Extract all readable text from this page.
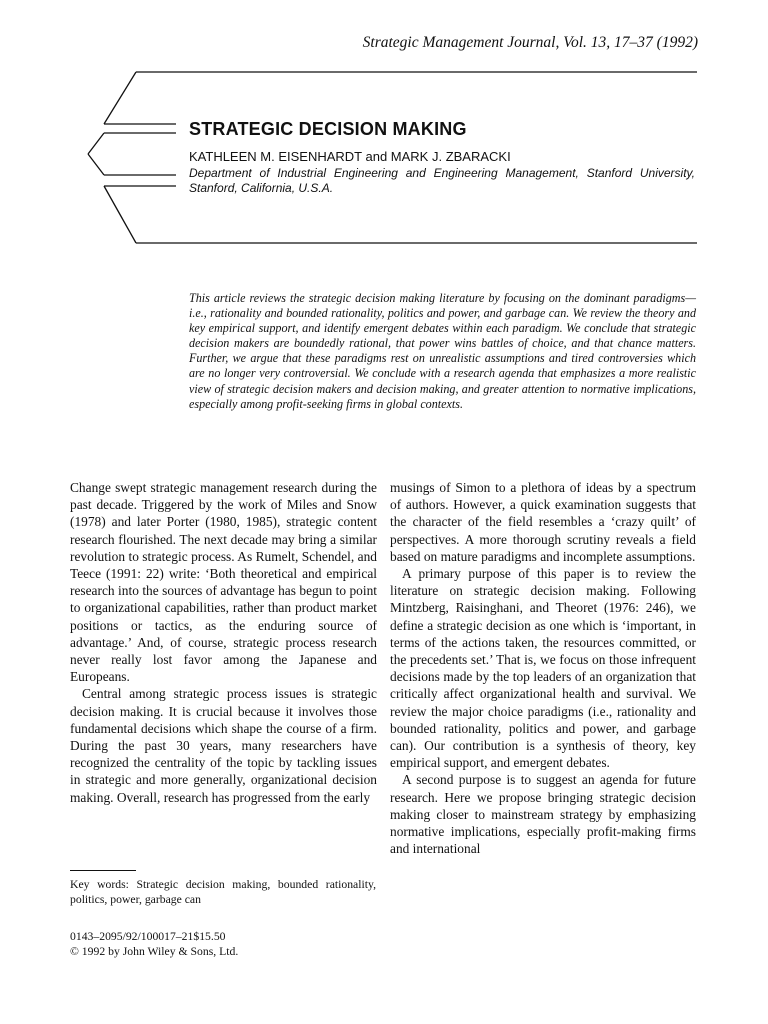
Strategic Management Journal, Vol. 13, 17–37 (1992)
STRATEGIC DECISION MAKING
KATHLEEN M. EISENHARDT and MARK J. ZBARACKI
Department of Industrial Engineering and Engineering Management, Stanford University, Stanford, California, U.S.A.
This article reviews the strategic decision making literature by focusing on the dominant paradigms—i.e., rationality and bounded rationality, politics and power, and garbage can. We review the theory and key empirical support, and identify emergent debates within each paradigm. We conclude that strategic decision makers are boundedly rational, that power wins battles of choice, and that chance matters. Further, we argue that these paradigms rest on unrealistic assumptions and tired controversies which are no longer very controversial. We conclude with a research agenda that emphasizes a more realistic view of strategic decision makers and decision making, and greater attention to normative implications, especially among profit-seeking firms in global contexts.

Change swept strategic management research during the past decade. Triggered by the work of Miles and Snow (1978) and later Porter (1980, 1985), strategic content research flourished. The next decade may bring a similar revolution to strategic process. As Rumelt, Schendel, and Teece (1991: 22) write: ‘Both theoretical and empirical research into the sources of advantage has begun to point to organizational capabilities, rather than product market positions or tactics, as the enduring source of advantage.’ And, of course, strategic process research never really lost favor among the Japanese and Europeans.

Central among strategic process issues is strategic decision making. It is crucial because it involves those fundamental decisions which shape the course of a firm. During the past 30 years, many researchers have recognized the centrality of the topic by tackling issues in strategic and more generally, organizational decision making. Overall, research has progressed from the early

musings of Simon to a plethora of ideas by a spectrum of authors. However, a quick examination suggests that the character of the field resembles a ‘crazy quilt’ of perspectives. A more thorough scrutiny reveals a field based on mature paradigms and incomplete assumptions.

A primary purpose of this paper is to review the literature on strategic decision making. Following Mintzberg, Raisinghani, and Theoret (1976: 246), we define a strategic decision as one which is ‘important, in terms of the actions taken, the resources committed, or the precedents set.’ That is, we focus on those infrequent decisions made by the top leaders of an organization that critically affect organizational health and survival. We review the major choice paradigms (i.e., rationality and bounded rationality, politics and power, and garbage can). Our contribution is a synthesis of theory, key empirical support, and emergent debates.

A second purpose is to suggest an agenda for future research. Here we propose bringing strategic decision making closer to mainstream strategy by emphasizing normative implications, especially profit-making firms and international

Key words: Strategic decision making, bounded rationality, politics, power, garbage can
0143–2095/92/100017–21$15.50
© 1992 by John Wiley & Sons, Ltd.
